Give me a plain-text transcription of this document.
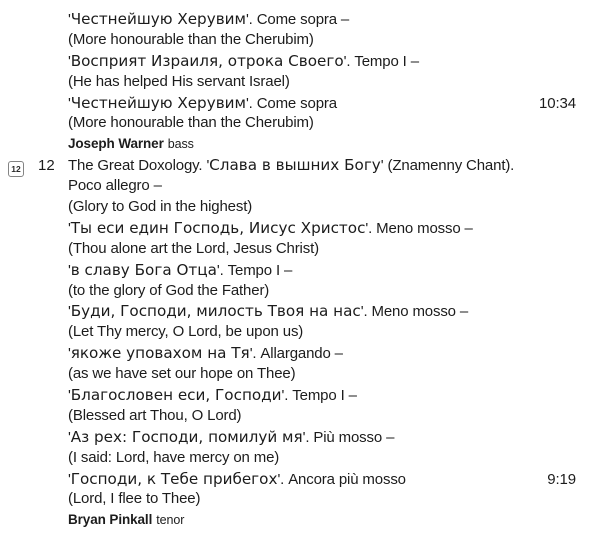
'Честнейшую Херувим'. Come sopra –
(More honourable than the Cherubim)
'Восприят Израиля, отрока Своего'. Tempo I –
(He has helped His servant Israel)
'Честнейшую Херувим'. Come sopra	10:34
(More honourable than the Cherubim)
Joseph Warner bass
12	12 The Great Doxology. 'Слава в вышних Богу' (Znamenny Chant).
Poco allegro –
(Glory to God in the highest)
'Ты еси един Господь, Иисус Христос'. Meno mosso –
(Thou alone art the Lord, Jesus Christ)
'в славу Бога Отца'. Tempo I –
(to the glory of God the Father)
'Буди, Господи, милость Твоя на нас'. Meno mosso –
(Let Thy mercy, O Lord, be upon us)
'якоже уповахом на Тя'. Allargando –
(as we have set our hope on Thee)
'Благословен еси, Господи'. Tempo I –
(Blessed art Thou, O Lord)
'Аз рех: Господи, помилуй мя'. Più mosso –
(I said: Lord, have mercy on me)
'Господи, к Тебе прибегох'. Ancora più mosso	9:19
(Lord, I flee to Thee)
Bryan Pinkall tenor
